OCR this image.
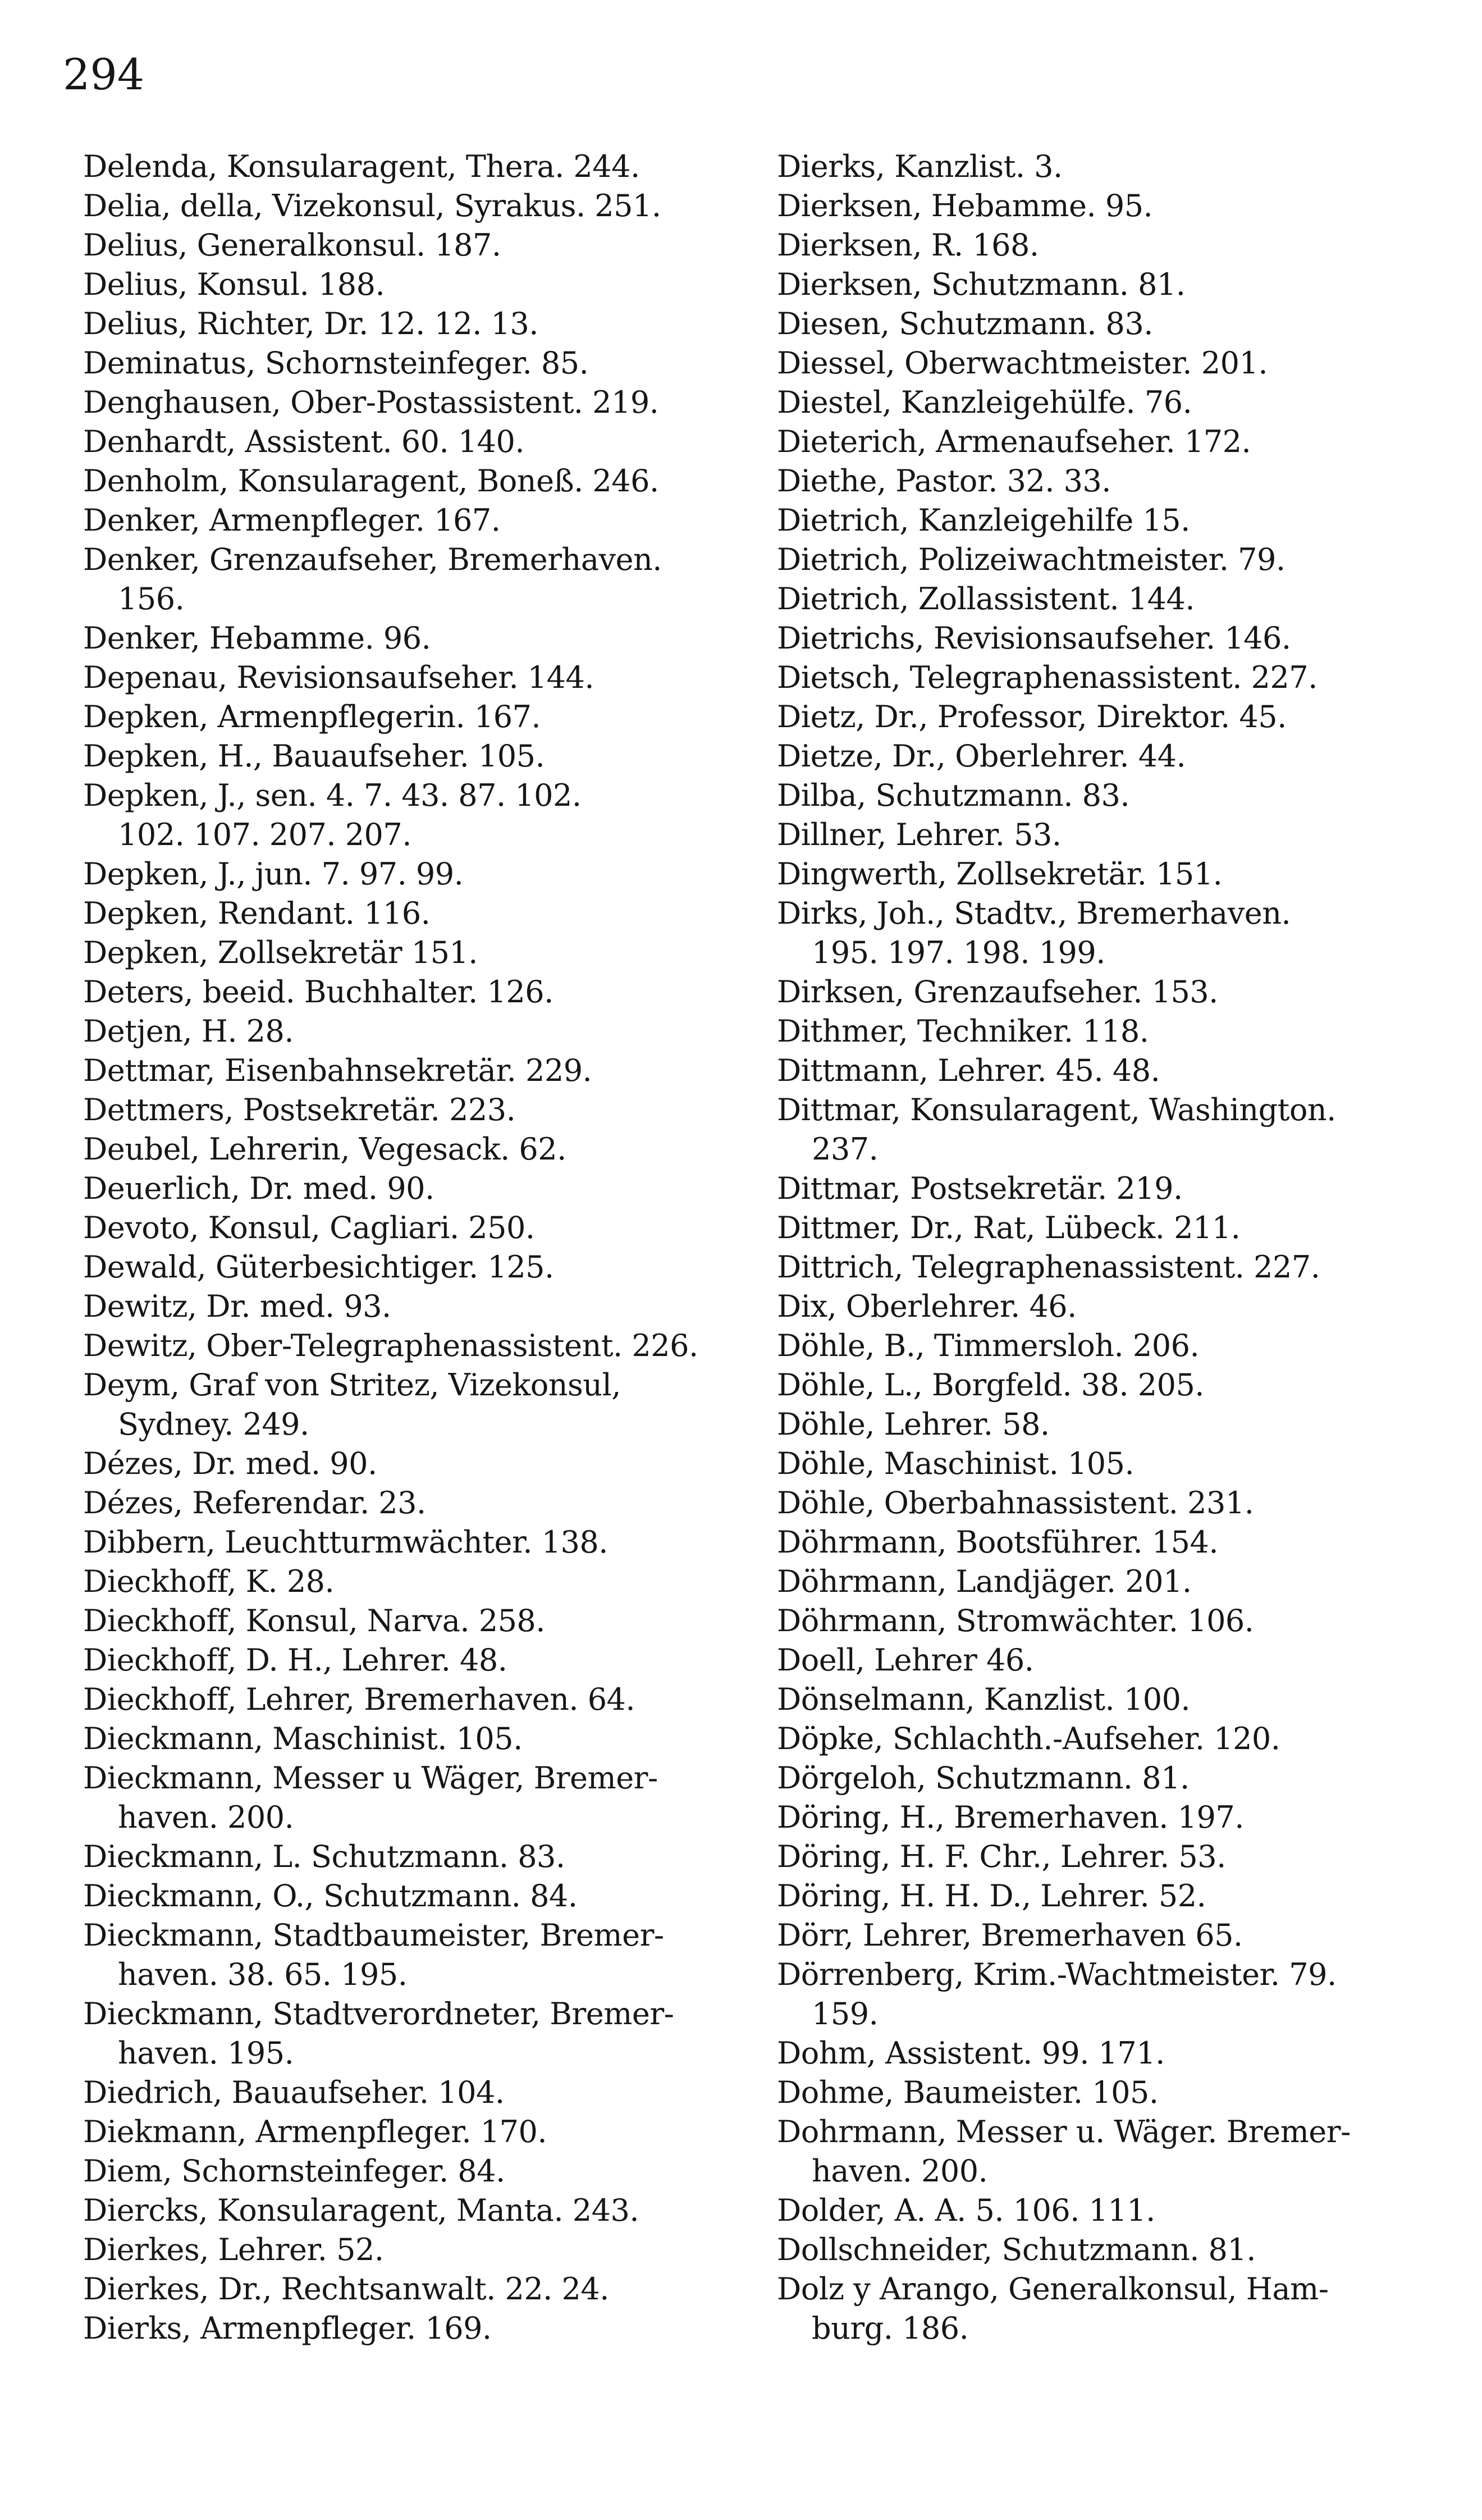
294
Delenda, Konsularagent, Thera. 244.
Delia, della, Vizekonsul, Syrakus. 251.
Delius, Generalkonsul. 187.
Delius, Konsul. 188.
Delius, Richter, Dr. 12. 12. 13.
Deminatus, Schornsteinfeger. 85.
Denghausen, Ober-Postassistent. 219.
Denhardt, Assistent. 60. 140.
Denholm, Konsularagent, Boneß. 246.
Denker, Armenpfleger. 167.
Denker, Grenzaufseher, Bremerhaven.
156.
Denker, Hebamme. 96.
Depenau, Revisionsaufseher. 144.
Depken, Armenpflegerin. 167.
Depken, H., Bauaufseher. 105.
Depken, J., sen. 4. 7. 43. 87. 102.
102. 107. 207. 207.
Depken, J., jun. 7. 97. 99.
Depken, Rendant. 116.
Depken, Zollsekretär 151.
Deters, beeid. Buchhalter. 126.
Detjen, H. 28.
Dettmar, Eisenbahnsekretär. 229.
Dettmers, Postsekretär. 223.
Deubel, Lehrerin, Vegesack. 62.
Deuerlich, Dr. med. 90.
Devoto, Konsul, Cagliari. 250.
Dewald, Güterbesichtiger. 125.
Dewitz, Dr. med. 93.
Dewitz, Ober-Telegraphenassistent. 226.
Deym, Graf von Stritez, Vizekonsul,
Sydney. 249.
Dézes, Dr. med. 90.
Dézes, Referendar. 23.
Dibbern, Leuchtturmwächter. 138.
Dieckhoff, K. 28.
Dieckhoff, Konsul, Narva. 258.
Dieckhoff, D. H., Lehrer. 48.
Dieckhoff, Lehrer, Bremerhaven. 64.
Dieckmann, Maschinist. 105.
Dieckmann, Messer u Wäger, Bremer-
haven. 200.
Dieckmann, L. Schutzmann. 83.
Dieckmann, O., Schutzmann. 84.
Dieckmann, Stadtbaumeister, Bremer-
haven. 38. 65. 195.
Dieckmann, Stadtverordneter, Bremer-
haven. 195.
Diedrich, Bauaufseher. 104.
Diekmann, Armenpfleger. 170.
Diem, Schornsteinfeger. 84.
Diercks, Konsularagent, Manta. 243.
Dierkes, Lehrer. 52.
Dierkes, Dr., Rechtsanwalt. 22. 24.
Dierks, Armenpfleger. 169.
Dierks, Kanzlist. 3.
Dierksen, Hebamme. 95.
Dierksen, R. 168.
Dierksen, Schutzmann. 81.
Diesen, Schutzmann. 83.
Diessel, Oberwachtmeister. 201.
Diestel, Kanzleigehülfe. 76.
Dieterich, Armenaufseher. 172.
Diethe, Pastor. 32. 33.
Dietrich, Kanzleigehilfe 15.
Dietrich, Polizeiwachtmeister. 79.
Dietrich, Zollassistent. 144.
Dietrichs, Revisionsaufseher. 146.
Dietsch, Telegraphenassistent. 227.
Dietz, Dr., Professor, Direktor. 45.
Dietze, Dr., Oberlehrer. 44.
Dilba, Schutzmann. 83.
Dillner, Lehrer. 53.
Dingwerth, Zollsekretär. 151.
Dirks, Joh., Stadtv., Bremerhaven.
195. 197. 198. 199.
Dirksen, Grenzaufseher. 153.
Dithmer, Techniker. 118.
Dittmann, Lehrer. 45. 48.
Dittmar, Konsularagent, Washington.
237.
Dittmar, Postsekretär. 219.
Dittmer, Dr., Rat, Lübeck. 211.
Dittrich, Telegraphenassistent. 227.
Dix, Oberlehrer. 46.
Döhle, B., Timmersloh. 206.
Döhle, L., Borgfeld. 38. 205.
Döhle, Lehrer. 58.
Döhle, Maschinist. 105.
Döhle, Oberbahnassistent. 231.
Döhrmann, Bootsführer. 154.
Döhrmann, Landjäger. 201.
Döhrmann, Stromwächter. 106.
Doell, Lehrer 46.
Dönselmann, Kanzlist. 100.
Döpke, Schlachth.-Aufseher. 120.
Dörgeloh, Schutzmann. 81.
Döring, H., Bremerhaven. 197.
Döring, H. F. Chr., Lehrer. 53.
Döring, H. H. D., Lehrer. 52.
Dörr, Lehrer, Bremerhaven 65.
Dörrenberg, Krim.-Wachtmeister. 79.
159.
Dohm, Assistent. 99. 171.
Dohme, Baumeister. 105.
Dohrmann, Messer u. Wäger. Bremer-
haven. 200.
Dolder, A. A. 5. 106. 111.
Dollschneider, Schutzmann. 81.
Dolz y Arango, Generalkonsul, Ham-
burg. 186.
